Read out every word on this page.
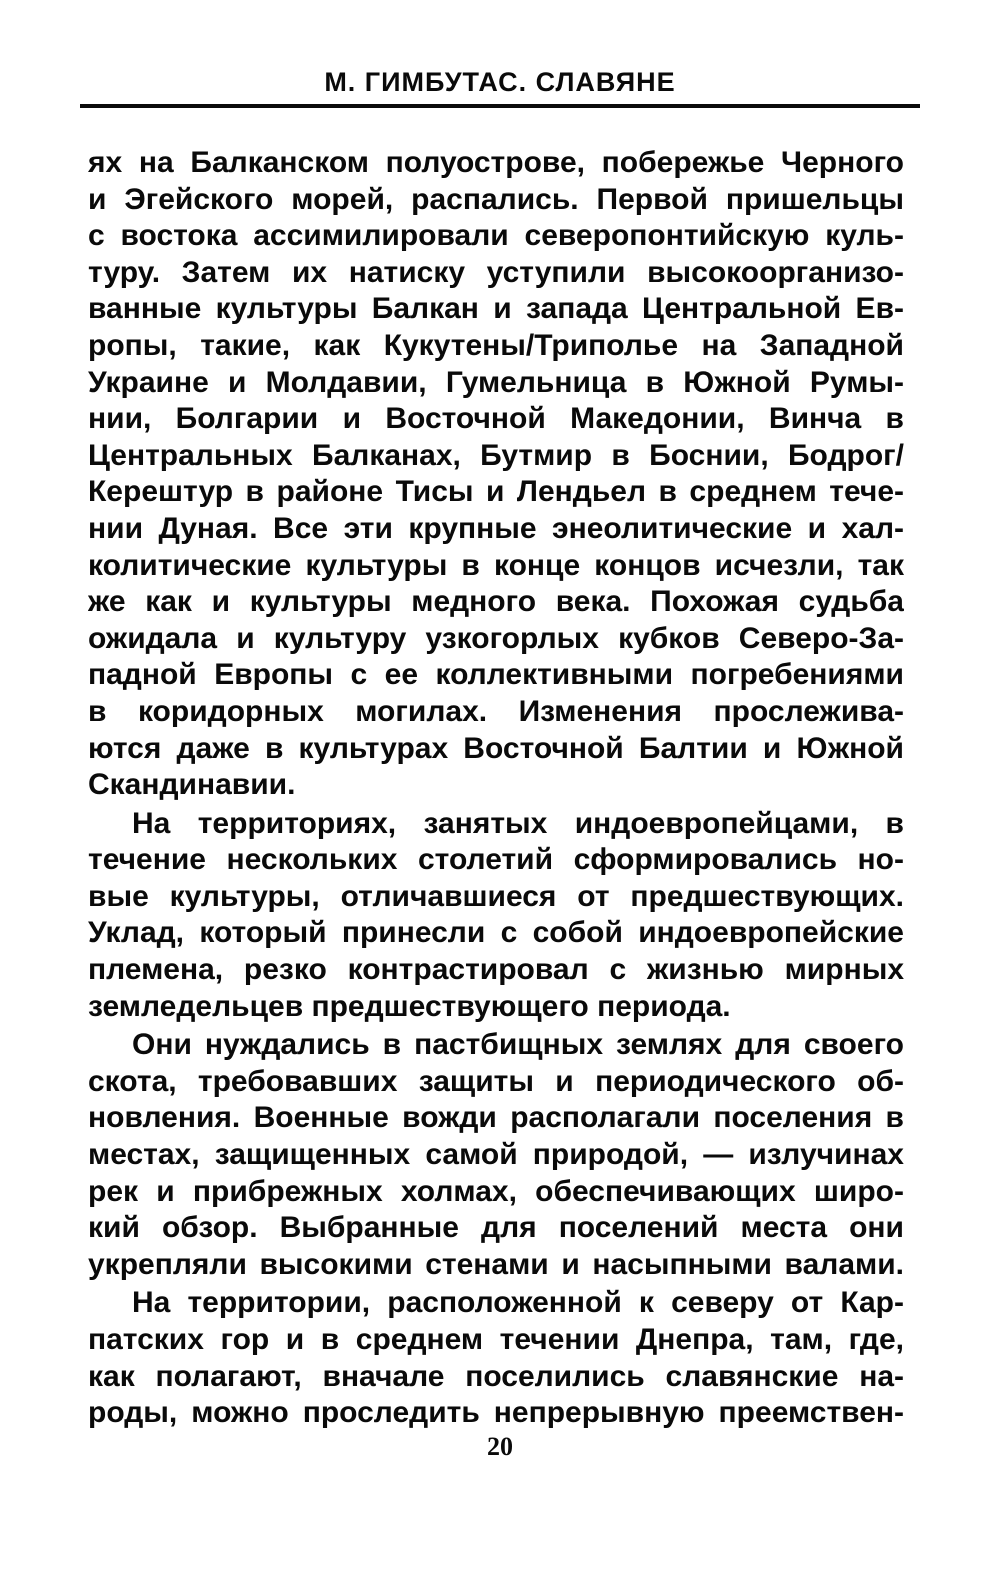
М. ГИМБУТАС. СЛАВЯНЕ
ях на Балканском полуострове, побережье Черного
и Эгейского морей, распались. Первой пришельцы
с востока ассимилировали северопонтийскую куль-
туру. Затем их натиску уступили высокоорганизо-
ванные культуры Балкан и запада Центральной Ев-
ропы, такие, как Кукутены/Триполье на Западной
Украине и Молдавии, Гумельница в Южной Румы-
нии, Болгарии и Восточной Македонии, Винча в
Центральных Балканах, Бутмир в Боснии, Бодрог/
Керештур в районе Тисы и Лендьел в среднем тече-
нии Дуная. Все эти крупные энеолитические и хал-
колитические культуры в конце концов исчезли, так
же как и культуры медного века. Похожая судьба
ожидала и культуру узкогорлых кубков Северо-За-
падной Европы с ее коллективными погребениями
в коридорных могилах. Изменения прослежива-
ются даже в культурах Восточной Балтии и Южной
Скандинавии.
На территориях, занятых индоевропейцами, в
течение нескольких столетий сформировались но-
вые культуры, отличавшиеся от предшествующих.
Уклад, который принесли с собой индоевропейские
племена, резко контрастировал с жизнью мирных
земледельцев предшествующего периода.
Они нуждались в пастбищных землях для своего
скота, требовавших защиты и периодического об-
новления. Военные вожди располагали поселения в
местах, защищенных самой природой, — излучинах
рек и прибрежных холмах, обеспечивающих широ-
кий обзор. Выбранные для поселений места они
укрепляли высокими стенами и насыпными валами.
На территории, расположенной к северу от Кар-
патских гор и в среднем течении Днепра, там, где,
как полагают, вначале поселились славянские на-
роды, можно проследить непрерывную преемствен-
20
